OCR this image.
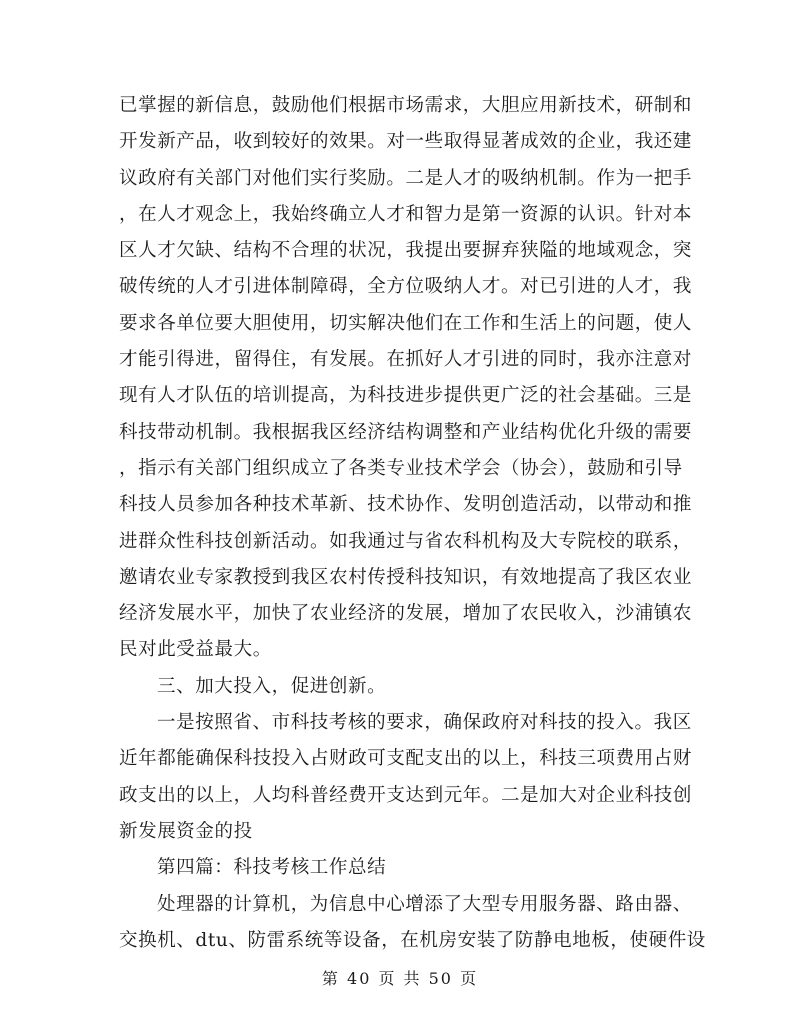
已掌握的新信息，鼓励他们根据市场需求，大胆应用新技术，研制和
开发新产品，收到较好的效果。对一些取得显著成效的企业，我还建
议政府有关部门对他们实行奖励。二是人才的吸纳机制。作为一把手
，在人才观念上，我始终确立人才和智力是第一资源的认识。针对本
区人才欠缺、结构不合理的状况，我提出要摒弃狭隘的地域观念，突
破传统的人才引进体制障碍，全方位吸纳人才。对已引进的人才，我
要求各单位要大胆使用，切实解决他们在工作和生活上的问题，使人
才能引得进，留得住，有发展。在抓好人才引进的同时，我亦注意对
现有人才队伍的培训提高，为科技进步提供更广泛的社会基础。三是
科技带动机制。我根据我区经济结构调整和产业结构优化升级的需要
，指示有关部门组织成立了各类专业技术学会（协会），鼓励和引导
科技人员参加各种技术革新、技术协作、发明创造活动，以带动和推
进群众性科技创新活动。如我通过与省农科机构及大专院校的联系，
邀请农业专家教授到我区农村传授科技知识，有效地提高了我区农业
经济发展水平，加快了农业经济的发展，增加了农民收入，沙浦镇农
民对此受益最大。
三、加大投入，促进创新。
一是按照省、市科技考核的要求，确保政府对科技的投入。我区
近年都能确保科技投入占财政可支配支出的以上，科技三项费用占财
政支出的以上，人均科普经费开支达到元年。二是加大对企业科技创
新发展资金的投
第四篇：科技考核工作总结
处理器的计算机，为信息中心增添了大型专用服务器、路由器、
交换机、dtu、防雷系统等设备，在机房安装了防静电地板，使硬件设
第 40 页 共 50 页
